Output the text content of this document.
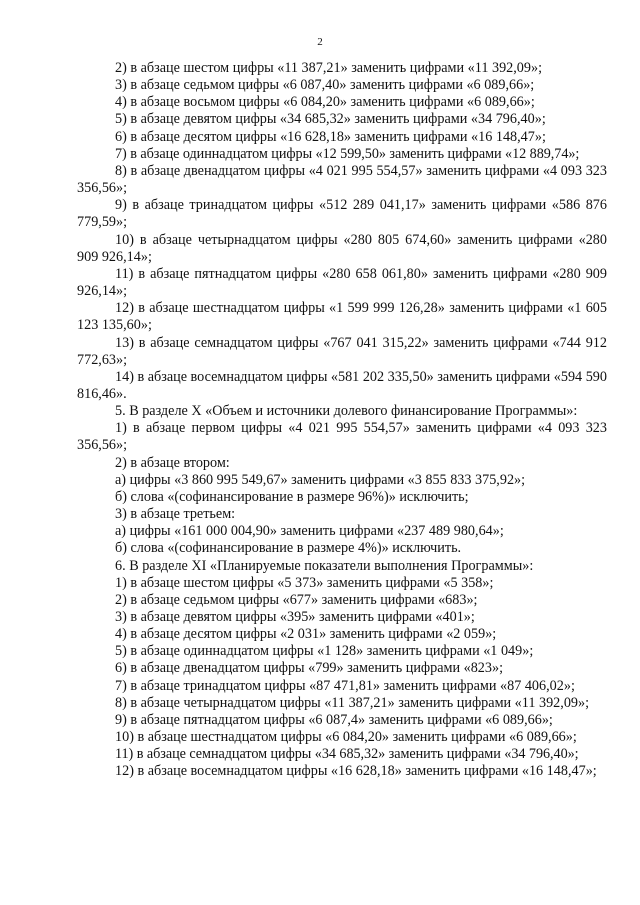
2

2) в абзаце шестом цифры «11 387,21» заменить цифрами «11 392,09»;

3) в абзаце седьмом цифры «6 087,40» заменить цифрами «6 089,66»;

4) в абзаце восьмом цифры «6 084,20» заменить цифрами «6 089,66»;

5) в абзаце девятом цифры «34 685,32» заменить цифрами «34 796,40»;

6) в абзаце десятом цифры «16 628,18» заменить цифрами «16 148,47»;

7) в абзаце одиннадцатом цифры «12 599,50» заменить цифрами «12 889,74»;

8) в абзаце двенадцатом цифры «4 021 995 554,57» заменить цифрами «4 093 323 356,56»;

9) в абзаце тринадцатом цифры «512 289 041,17» заменить цифрами «586 876 779,59»;

10) в абзаце четырнадцатом цифры «280 805 674,60» заменить цифрами «280 909 926,14»;

11) в абзаце пятнадцатом цифры «280 658 061,80» заменить цифрами «280 909 926,14»;

12) в абзаце шестнадцатом цифры «1 599 999 126,28» заменить цифрами «1 605 123 135,60»;

13) в абзаце семнадцатом цифры «767 041 315,22» заменить цифрами «744 912 772,63»;

14) в абзаце восемнадцатом цифры «581 202 335,50» заменить цифрами «594 590 816,46».

5. В разделе X «Объем и источники долевого финансирование Программы»:

1) в абзаце первом цифры «4 021 995 554,57» заменить цифрами «4 093 323 356,56»;

2) в абзаце втором:

а) цифры «3 860 995 549,67» заменить цифрами «3 855 833 375,92»;

б) слова «(софинансирование в размере 96%)» исключить;

3) в абзаце третьем:

а) цифры «161 000 004,90» заменить цифрами «237 489 980,64»;

б) слова «(софинансирование в размере 4%)» исключить.

6. В разделе XI «Планируемые показатели выполнения Программы»:

1) в абзаце шестом цифры «5 373» заменить цифрами «5 358»;

2) в абзаце седьмом цифры «677» заменить цифрами «683»;

3) в абзаце девятом цифры «395» заменить цифрами «401»;

4) в абзаце десятом цифры «2 031» заменить цифрами «2 059»;

5) в абзаце одиннадцатом цифры «1 128» заменить цифрами «1 049»;

6) в абзаце двенадцатом цифры «799» заменить цифрами «823»;

7) в абзаце тринадцатом цифры «87 471,81» заменить цифрами «87 406,02»;

8) в абзаце четырнадцатом цифры «11 387,21» заменить цифрами «11 392,09»;

9) в абзаце пятнадцатом цифры «6 087,4» заменить цифрами «6 089,66»;

10) в абзаце шестнадцатом цифры «6 084,20» заменить цифрами «6 089,66»;

11) в абзаце семнадцатом цифры «34 685,32» заменить цифрами «34 796,40»;

12) в абзаце восемнадцатом цифры «16 628,18» заменить цифрами «16 148,47»;
